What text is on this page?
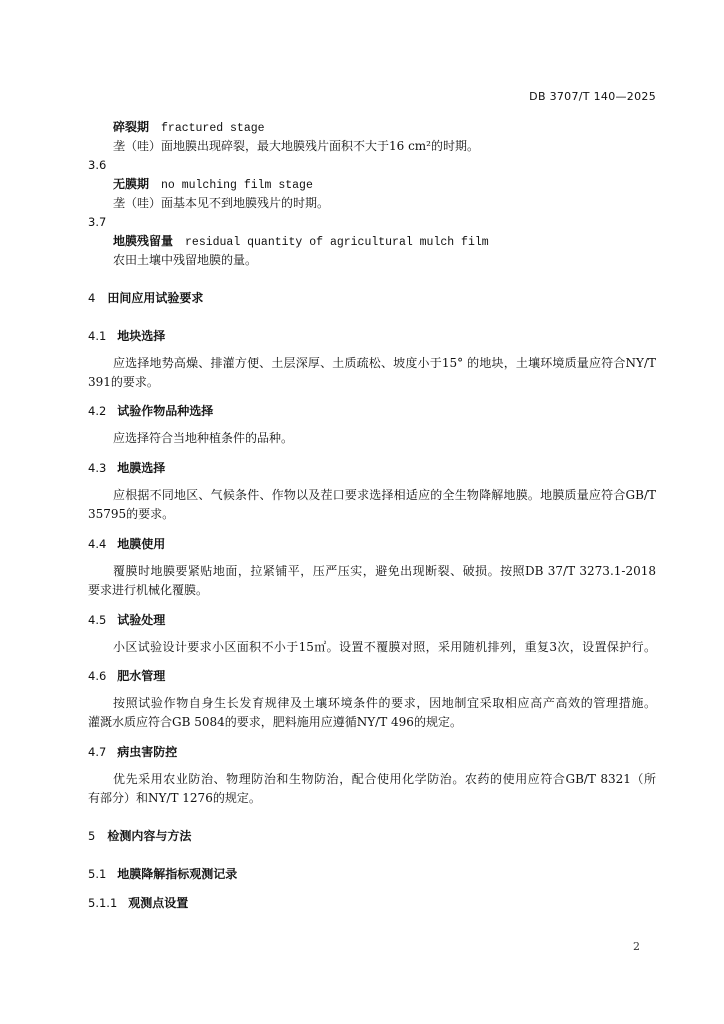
DB 3707/T 140—2025
碎裂期 fractured stage
垄（哇）面地膜出现碎裂，最大地膜残片面积不大于16 cm²的时期。
3.6
无膜期 no mulching film stage
垄（哇）面基本见不到地膜残片的时期。
3.7
地膜残留量 residual quantity of agricultural mulch film
农田土壤中残留地膜的量。
4 田间应用试验要求
4.1 地块选择
应选择地势高燥、排灌方便、土层深厚、土质疏松、坡度小于15° 的地块，土壤环境质量应符合NY/T
391的要求。
4.2 试验作物品种选择
应选择符合当地种植条件的品种。
4.3 地膜选择
应根据不同地区、气候条件、作物以及茬口要求选择相适应的全生物降解地膜。地膜质量应符合GB/T
35795的要求。
4.4 地膜使用
覆膜时地膜要紧贴地面，拉紧铺平，压严压实，避免出现断裂、破损。按照DB 37/T 3273.1-2018
要求进行机械化覆膜。
4.5 试验处理
小区试验设计要求小区面积不小于15㎡。设置不覆膜对照，采用随机排列，重复3次，设置保护行。
4.6 肥水管理
按照试验作物自身生长发育规律及土壤环境条件的要求，因地制宜采取相应高产高效的管理措施。
灌溉水质应符合GB 5084的要求，肥料施用应遵循NY/T 496的规定。
4.7 病虫害防控
优先采用农业防治、物理防治和生物防治，配合使用化学防治。农药的使用应符合GB/T 8321（所
有部分）和NY/T 1276的规定。
5 检测内容与方法
5.1 地膜降解指标观测记录
5.1.1 观测点设置
2
